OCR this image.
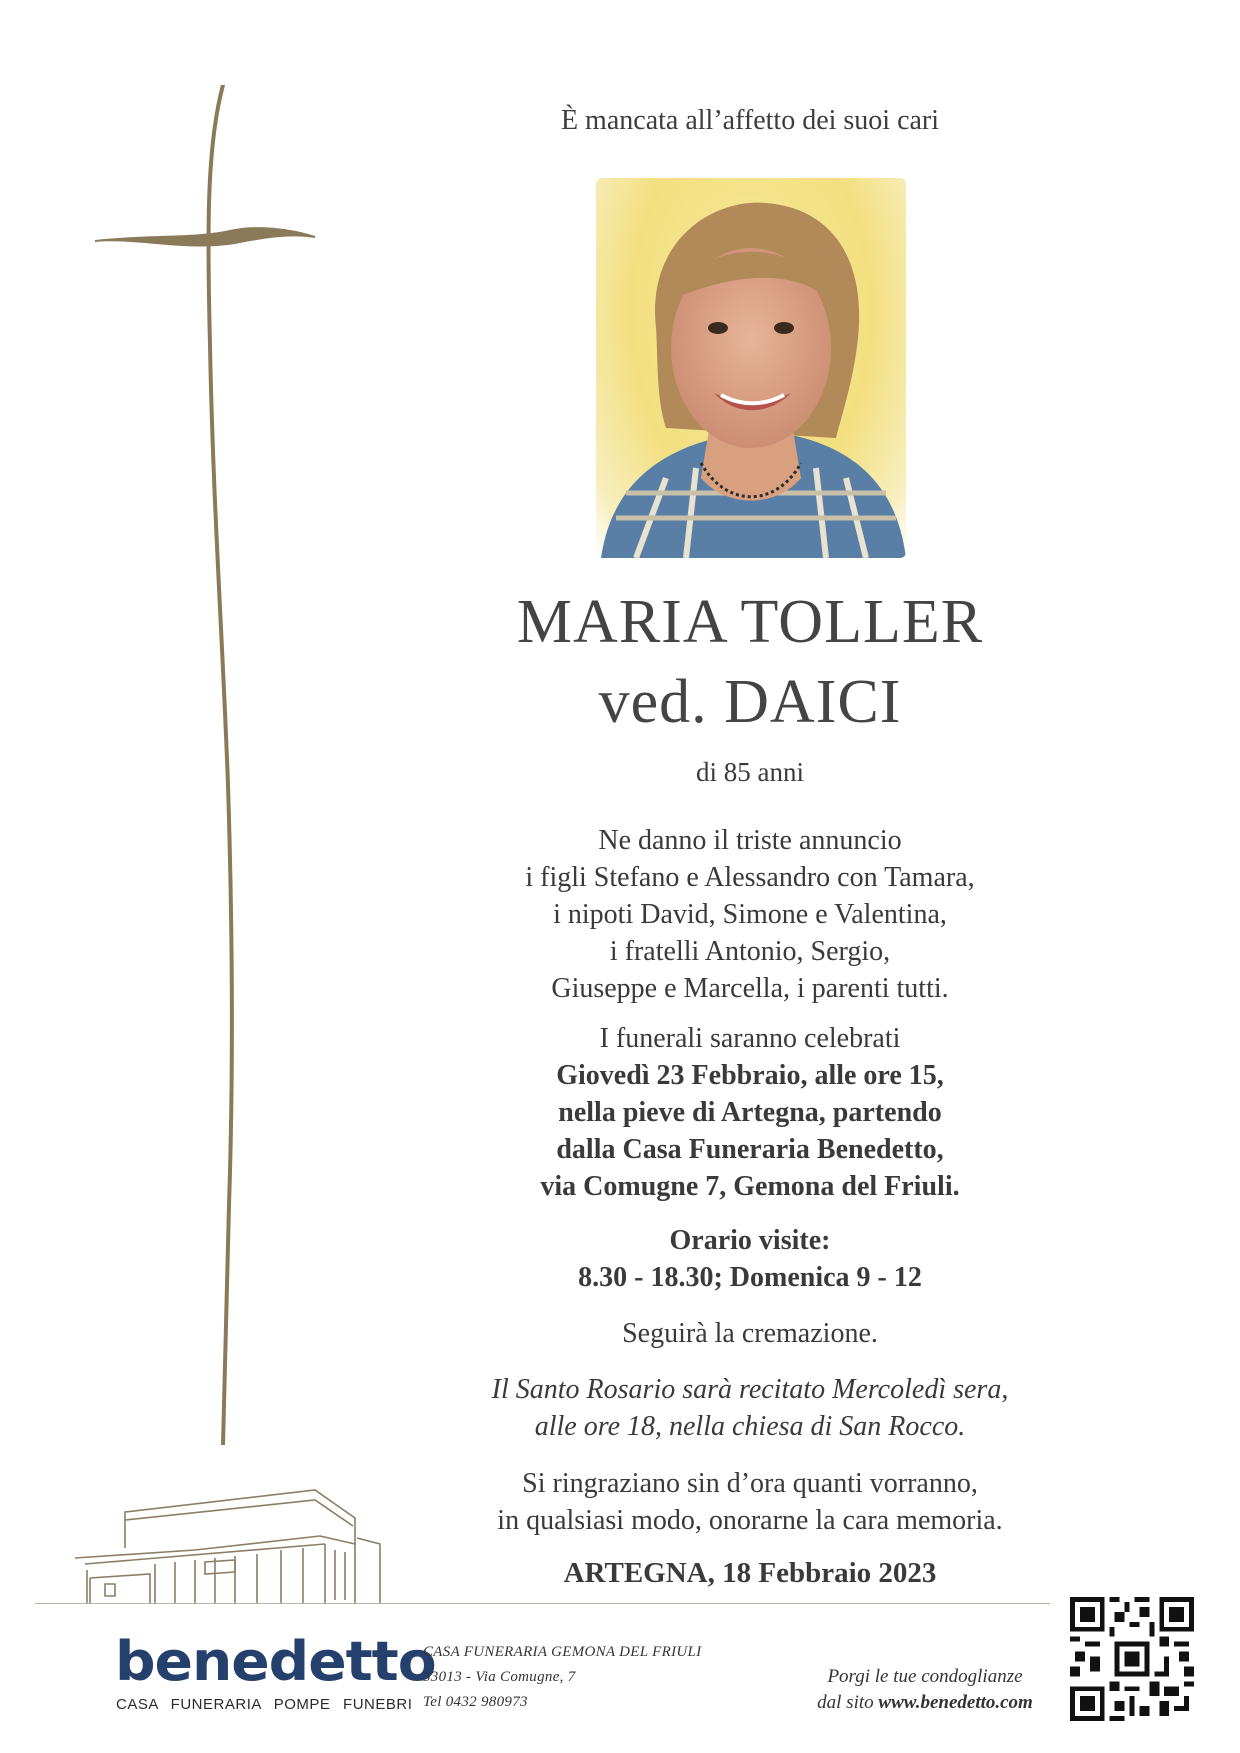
È mancata all’affetto dei suoi cari
MARIA TOLLER
ved. DAICI
di 85 anni
Ne danno il triste annuncio
i figli Stefano e Alessandro con Tamara,
i nipoti David, Simone e Valentina,
i fratelli Antonio, Sergio,
Giuseppe e Marcella, i parenti tutti.
I funerali saranno celebrati
Giovedì 23 Febbraio, alle ore 15,
nella pieve di Artegna, partendo
dalla Casa Funeraria Benedetto,
via Comugne 7, Gemona del Friuli.
Orario visite:
8.30 - 18.30; Domenica 9 - 12
Seguirà la cremazione.
Il Santo Rosario sarà recitato Mercoledì sera,
alle ore 18, nella chiesa di San Rocco.
Si ringraziano sin d’ora quanti vorranno,
in qualsiasi modo, onorarne la cara memoria.
ARTEGNA, 18 Febbraio 2023
benedetto
CASA FUNERARIA POMPE FUNEBRI
CASA FUNERARIA GEMONA DEL FRIULI
33013 - Via Comugne, 7
Tel 0432 980973
Porgi le tue condoglianze
dal sito www.benedetto.com
